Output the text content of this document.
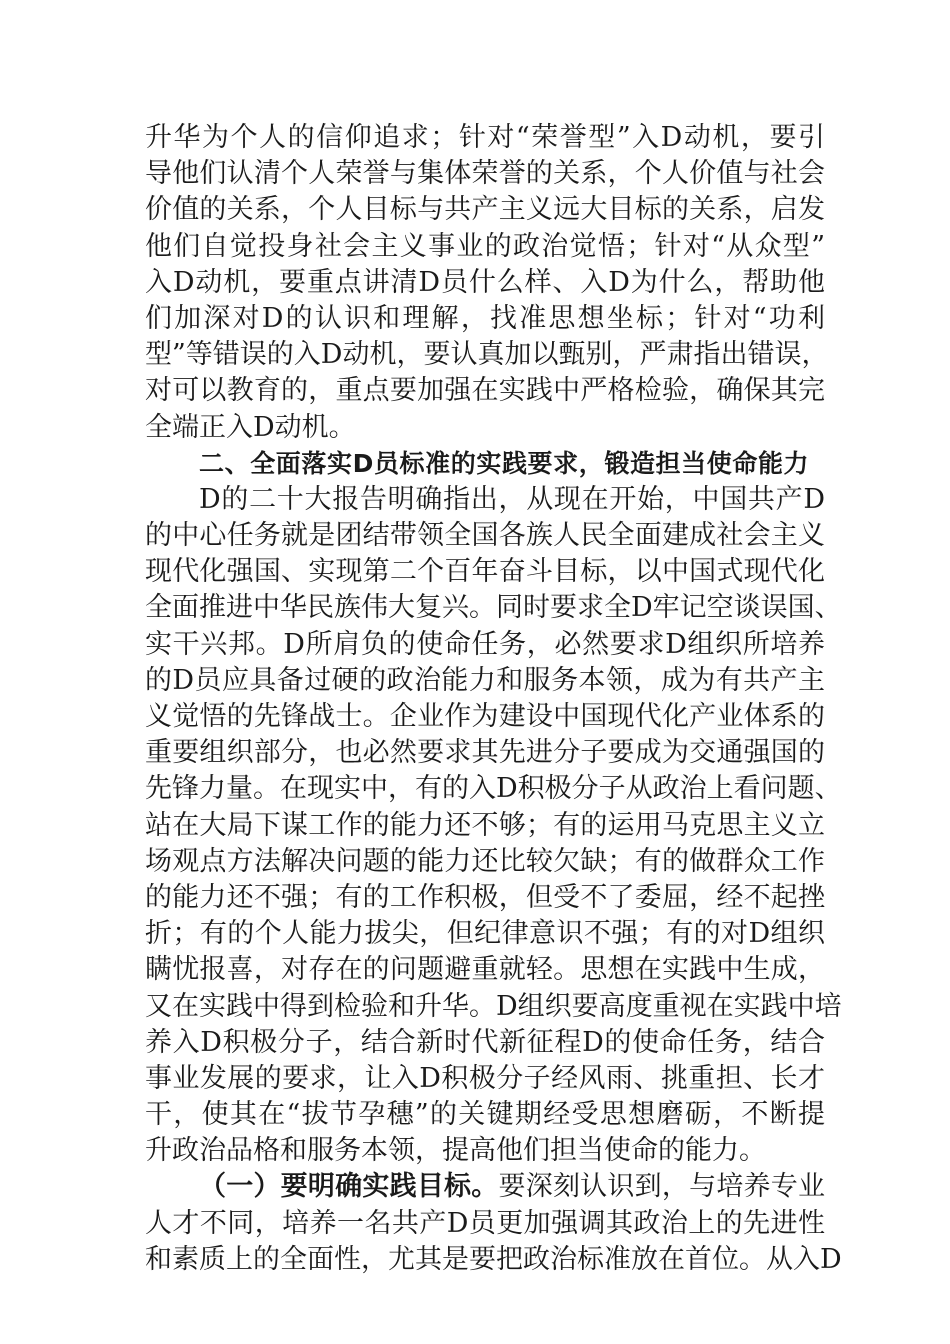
升华为个人的信仰追求；针对“荣誉型”入D动机，要引
导他们认清个人荣誉与集体荣誉的关系，个人价值与社会
价值的关系，个人目标与共产主义远大目标的关系，启发
他们自觉投身社会主义事业的政治觉悟；针对“从众型”
入D动机，要重点讲清D员什么样、入D为什么，帮助他
们加深对D的认识和理解，找准思想坐标；针对“功利
型”等错误的入D动机，要认真加以甄别，严肃指出错误，
对可以教育的，重点要加强在实践中严格检验，确保其完
全端正入D动机。
二、全面落实D员标准的实践要求，锻造担当使命能力
D的二十大报告明确指出，从现在开始，中国共产D
的中心任务就是团结带领全国各族人民全面建成社会主义
现代化强国、实现第二个百年奋斗目标，以中国式现代化
全面推进中华民族伟大复兴。同时要求全D牢记空谈误国、
实干兴邦。D所肩负的使命任务，必然要求D组织所培养
的D员应具备过硬的政治能力和服务本领，成为有共产主
义觉悟的先锋战士。企业作为建设中国现代化产业体系的
重要组织部分，也必然要求其先进分子要成为交通强国的
先锋力量。在现实中，有的入D积极分子从政治上看问题、
站在大局下谋工作的能力还不够；有的运用马克思主义立
场观点方法解决问题的能力还比较欠缺；有的做群众工作
的能力还不强；有的工作积极，但受不了委屈，经不起挫
折；有的个人能力拔尖，但纪律意识不强；有的对D组织
瞒忧报喜，对存在的问题避重就轻。思想在实践中生成，
又在实践中得到检验和升华。D组织要高度重视在实践中培
养入D积极分子，结合新时代新征程D的使命任务，结合
事业发展的要求，让入D积极分子经风雨、挑重担、长才
干，使其在“拔节孕穗”的关键期经受思想磨砺，不断提
升政治品格和服务本领，提高他们担当使命的能力。
（一）要明确实践目标。要深刻认识到，与培养专业
人才不同，培养一名共产D员更加强调其政治上的先进性
和素质上的全面性，尤其是要把政治标准放在首位。从入D
